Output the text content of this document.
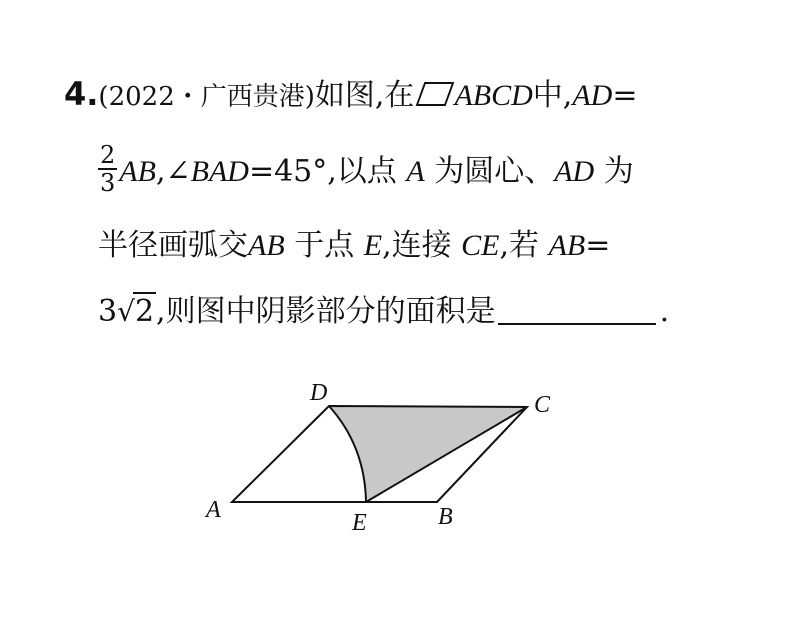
4.(2022・广西贵港)如图,在 ABCD中,AD=
$\frac{2}{3}$ AB,∠BAD=45°,以点 A 为圆心、AD 为
半径画弧交AB 于点 E,连接 CE,若 AB=
3√2,则图中阴影部分的面积是	.
A	B
C
D
E
